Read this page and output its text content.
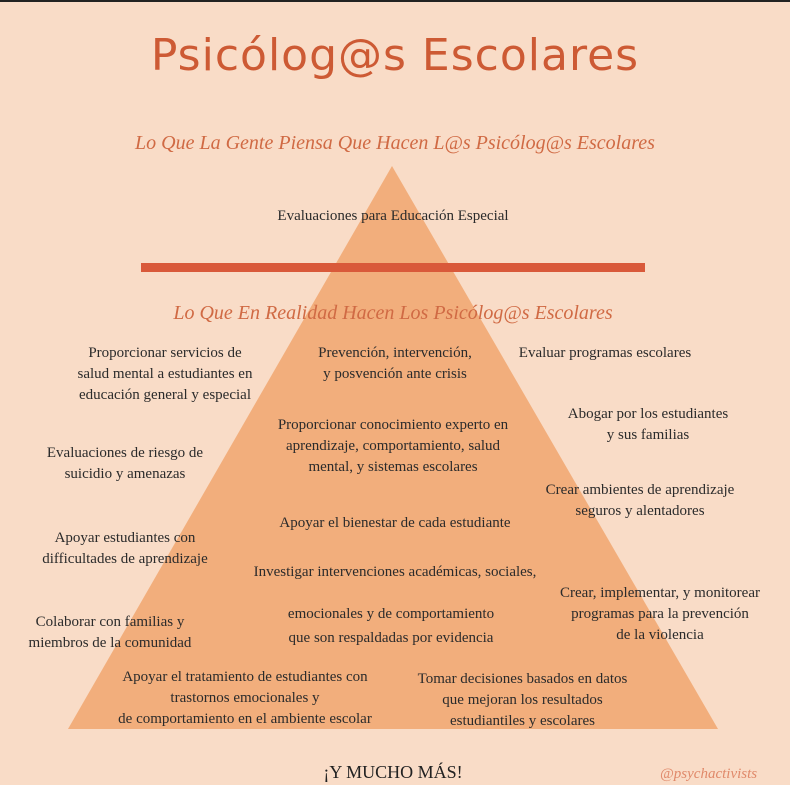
Psicólog@s Escolares
Lo Que La Gente Piensa Que Hacen L@s Psicólog@s Escolares
Evaluaciones para Educación Especial
Lo Que En Realidad Hacen Los Psicólog@s Escolares
Proporcionar servicios de
salud mental a estudiantes en
educación general y especial
Prevención, intervención,
y posvención ante crisis
Evaluar programas escolares
Proporcionar conocimiento experto en
aprendizaje, comportamiento, salud
mental, y sistemas escolares
Abogar por los estudiantes
y sus familias
Evaluaciones de riesgo de
suicidio y amenazas
Crear ambientes de aprendizaje
seguros y alentadores
Apoyar el bienestar de cada estudiante
Apoyar estudiantes con
difficultades de aprendizaje
Investigar intervenciones académicas, sociales,
Crear, implementar, y monitorear
programas para la prevención
de la violencia
emocionales y de comportamiento
que son respaldadas por evidencia
Colaborar con familias y
miembros de la comunidad
Apoyar el tratamiento de estudiantes con
trastornos emocionales y
de comportamiento en el ambiente escolar
Tomar decisiones basados en datos
que mejoran los resultados
estudiantiles y escolares
¡Y MUCHO MÁS!	@psychactivists
